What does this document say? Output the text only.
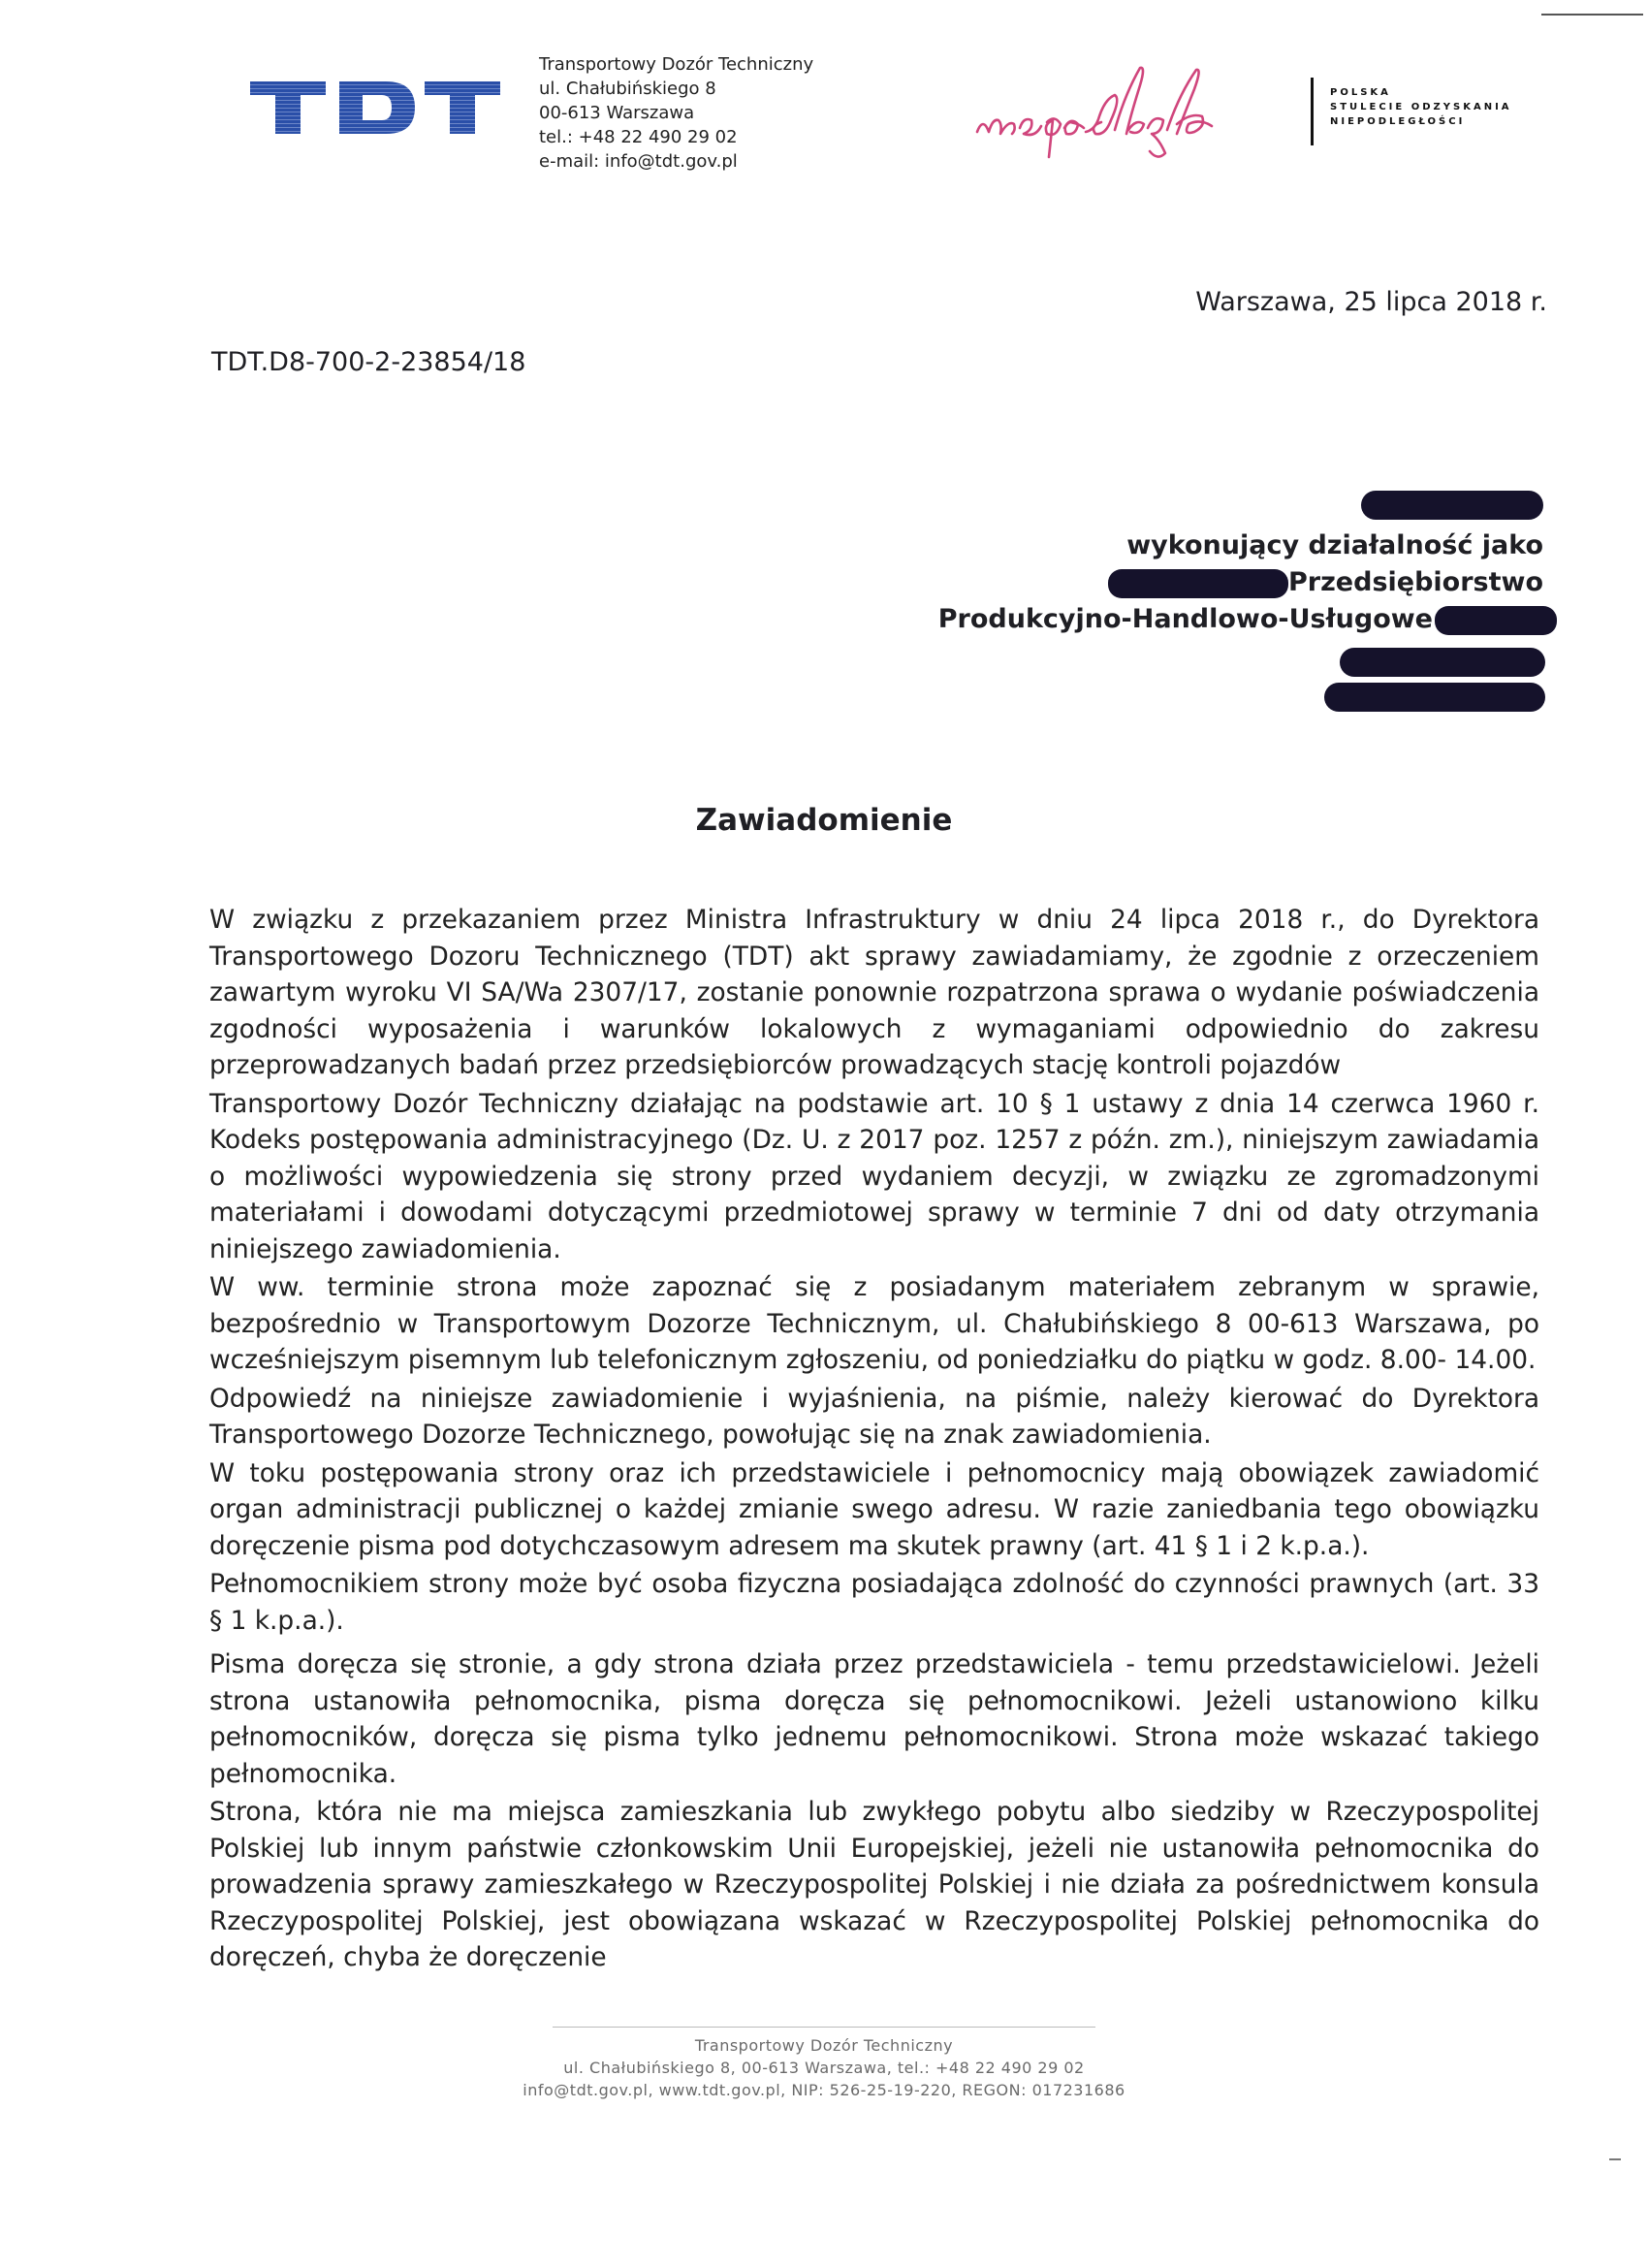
Transportowy Dozór Techniczny
ul. Chałubińskiego 8
00-613 Warszawa
tel.: +48 22 490 29 02
e-mail: info@tdt.gov.pl
POLSKA
STULECIE ODZYSKANIA
NIEPODLEGŁOŚCI
Warszawa, 25 lipca 2018 r.
TDT.D8-700-2-23854/18
wykonujący działalność jako
Przedsiębiorstwo
Produkcyjno-Handlowo-Usługowe
Zawiadomienie

W związku z przekazaniem przez Ministra Infrastruktury w dniu 24 lipca 2018 r., do Dyrektora Transportowego Dozoru Technicznego (TDT) akt sprawy zawiadamiamy, że zgodnie z orzeczeniem zawartym wyroku VI SA/Wa 2307/17, zostanie ponownie rozpatrzona sprawa o wydanie poświadczenia zgodności wyposażenia i warunków lokalowych z wymaganiami odpowiednio do zakresu przeprowadzanych badań przez przedsiębiorców prowadzących stację kontroli pojazdów

Transportowy Dozór Techniczny działając na podstawie art. 10 § 1 ustawy z dnia 14 czerwca 1960 r. Kodeks postępowania administracyjnego (Dz. U. z 2017 poz. 1257 z późn. zm.), niniejszym zawiadamia o możliwości wypowiedzenia się strony przed wydaniem decyzji, w związku ze zgromadzonymi materiałami i dowodami dotyczącymi przedmiotowej sprawy w terminie 7 dni od daty otrzymania niniejszego zawiadomienia.

W ww. terminie strona może zapoznać się z posiadanym materiałem zebranym w sprawie, bezpośrednio w Transportowym Dozorze Technicznym, ul. Chałubińskiego 8 00-613 Warszawa, po wcześniejszym pisemnym lub telefonicznym zgłoszeniu, od poniedziałku do piątku w godz. 8.00- 14.00.

Odpowiedź na niniejsze zawiadomienie i wyjaśnienia, na piśmie, należy kierować do Dyrektora Transportowego Dozorze Technicznego, powołując się na znak zawiadomienia.

W toku postępowania strony oraz ich przedstawiciele i pełnomocnicy mają obowiązek zawiadomić organ administracji publicznej o każdej zmianie swego adresu. W razie zaniedbania tego obowiązku doręczenie pisma pod dotychczasowym adresem ma skutek prawny (art. 41 § 1 i 2 k.p.a.).

Pełnomocnikiem strony może być osoba fizyczna posiadająca zdolność do czynności prawnych (art. 33 § 1 k.p.a.).

Pisma doręcza się stronie, a gdy strona działa przez przedstawiciela - temu przedstawicielowi. Jeżeli strona ustanowiła pełnomocnika, pisma doręcza się pełnomocnikowi. Jeżeli ustanowiono kilku pełnomocników, doręcza się pisma tylko jednemu pełnomocnikowi. Strona może wskazać takiego pełnomocnika.

Strona, która nie ma miejsca zamieszkania lub zwykłego pobytu albo siedziby w Rzeczypospolitej Polskiej lub innym państwie członkowskim Unii Europejskiej, jeżeli nie ustanowiła pełnomocnika do prowadzenia sprawy zamieszkałego w Rzeczypospolitej Polskiej i nie działa za pośrednictwem konsula Rzeczypospolitej Polskiej, jest obowiązana wskazać w Rzeczypospolitej Polskiej pełnomocnika do doręczeń, chyba że doręczenie

Transportowy Dozór Techniczny
ul. Chałubińskiego 8, 00-613 Warszawa, tel.: +48 22 490 29 02
info@tdt.gov.pl, www.tdt.gov.pl, NIP: 526-25-19-220, REGON: 017231686
